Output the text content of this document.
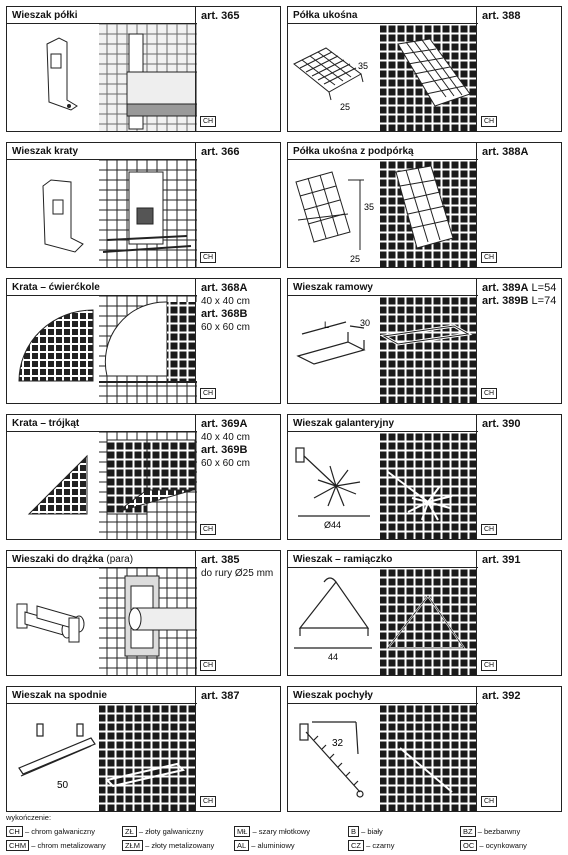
Wieszak półki	art. 365
CH
Półka ukośna
35
25
art. 388
CH
Wieszak kraty	art. 366
CH
Półka ukośna z podpórką
35
25
art. 388A
CH
Krata – ćwierćkole	art. 368A
40 x 40 cm
art. 368B
60 x 60 cm
CH
Wieszak ramowy
L	30
art. 389A L=54
art. 389B L=74
CH
Krata – trójkąt	art. 369A
40 x 40 cm
art. 369B
60 x 60 cm
CH
Wieszak galanteryjny
Ø44
art. 390
CH
Wieszaki do drążka (para)	art. 385
do rury Ø25 mm
CH
Wieszak – ramiączko
44
art. 391
CH
Wieszak na spodnie
50
art. 387
CH
Wieszak pochyły
32
art. 392
CH
wykończenie:
CH – chrom galwaniczny
CHM – chrom metalizowany
ZŁ – złoty galwaniczny
ZŁM – złoty metalizowany
MŁ – szary młotkowy
AL – aluminiowy
B – biały
CZ – czarny
BZ – bezbarwny
OC – ocynkowany
